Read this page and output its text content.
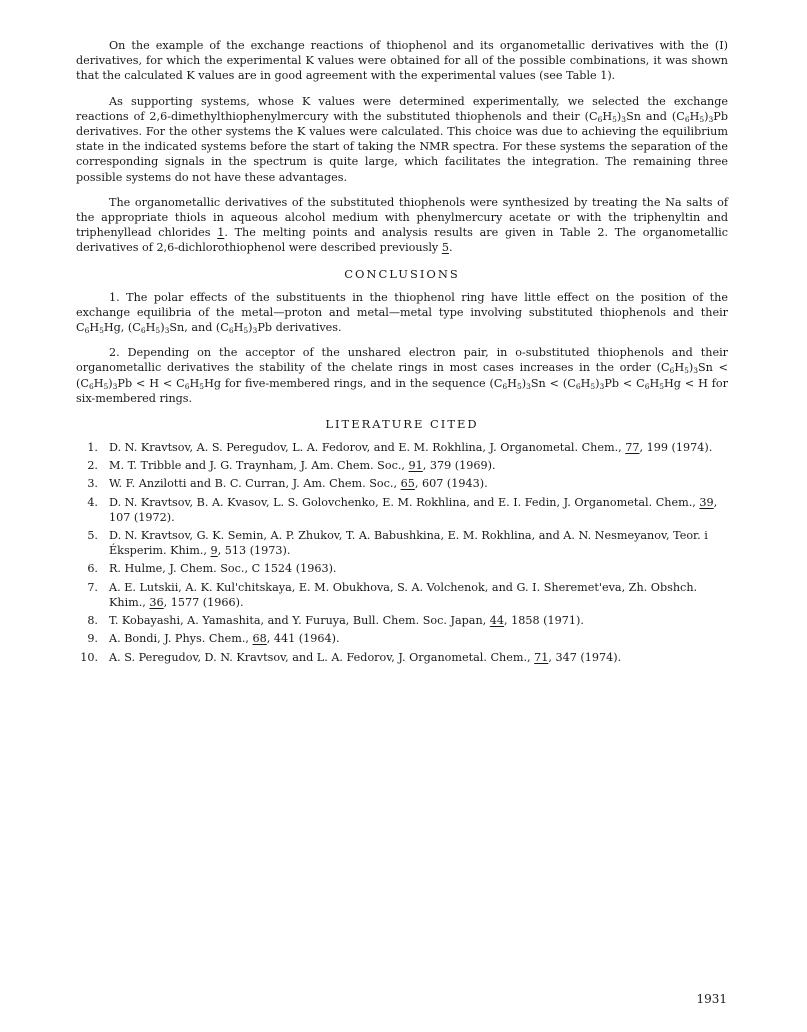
On the example of the exchange reactions of thiophenol and its organometallic derivatives with the (I) derivatives, for which the experimental K values were obtained for all of the possible combinations, it was shown that the calculated K values are in good agreement with the experimental values (see Table 1).

As supporting systems, whose K values were determined experimentally, we selected the exchange reactions of 2,6-dimethylthiophenylmercury with the substituted thiophenols and their $(C_6H_5)_3Sn$ and $(C_6H_5)_3Pb$ derivatives. For the other systems the K values were calculated. This choice was due to achieving the equilibrium state in the indicated systems before the start of taking the NMR spectra. For these systems the separation of the corresponding signals in the spectrum is quite large, which facilitates the integration. The remaining three possible systems do not have these advantages.

The organometallic derivatives of the substituted thiophenols were synthesized by treating the Na salts of the appropriate thiols in aqueous alcohol medium with phenylmercury acetate or with the triphenyltin and triphenyllead chlorides 1. The melting points and analysis results are given in Table 2. The organometallic derivatives of 2,6-dichlorothiophenol were described previously 5.

CONCLUSIONS

1. The polar effects of the substituents in the thiophenol ring have little effect on the position of the exchange equilibria of the metal—proton and metal—metal type involving substituted thiophenols and their $C_6H_5Hg$, $(C_6H_5)_3Sn$, and $(C_6H_5)_3Pb$ derivatives.

2. Depending on the acceptor of the unshared electron pair, in o-substituted thiophenols and their organometallic derivatives the stability of the chelate rings in most cases increases in the order $(C_6H_5)_3Sn < (C_6H_5)_3Pb < H < C_6H_5Hg$ for five-membered rings, and in the sequence $(C_6H_5)_3Sn < (C_6H_5)_3Pb < C_6H_5Hg < H$ for six-membered rings.

LITERATURE CITED
1. D. N. Kravtsov, A. S. Peregudov, L. A. Fedorov, and E. M. Rokhlina, J. Organometal. Chem., 77, 199 (1974).
2. M. T. Tribble and J. G. Traynham, J. Am. Chem. Soc., 91, 379 (1969).
3. W. F. Anzilotti and B. C. Curran, J. Am. Chem. Soc., 65, 607 (1943).
4. D. N. Kravtsov, B. A. Kvasov, L. S. Golovchenko, E. M. Rokhlina, and E. I. Fedin, J. Organometal. Chem., 39, 107 (1972).
5. D. N. Kravtsov, G. K. Semin, A. P. Zhukov, T. A. Babushkina, E. M. Rokhlina, and A. N. Nesmeyanov, Teor. i Éksperim. Khim., 9, 513 (1973).
6. R. Hulme, J. Chem. Soc., C 1524 (1963).
7. A. E. Lutskii, A. K. Kul'chitskaya, E. M. Obukhova, S. A. Volchenok, and G. I. Sheremet'eva, Zh. Obshch. Khim., 36, 1577 (1966).
8. T. Kobayashi, A. Yamashita, and Y. Furuya, Bull. Chem. Soc. Japan, 44, 1858 (1971).
9. A. Bondi, J. Phys. Chem., 68, 441 (1964).
10. A. S. Peregudov, D. N. Kravtsov, and L. A. Fedorov, J. Organometal. Chem., 71, 347 (1974).
1931
